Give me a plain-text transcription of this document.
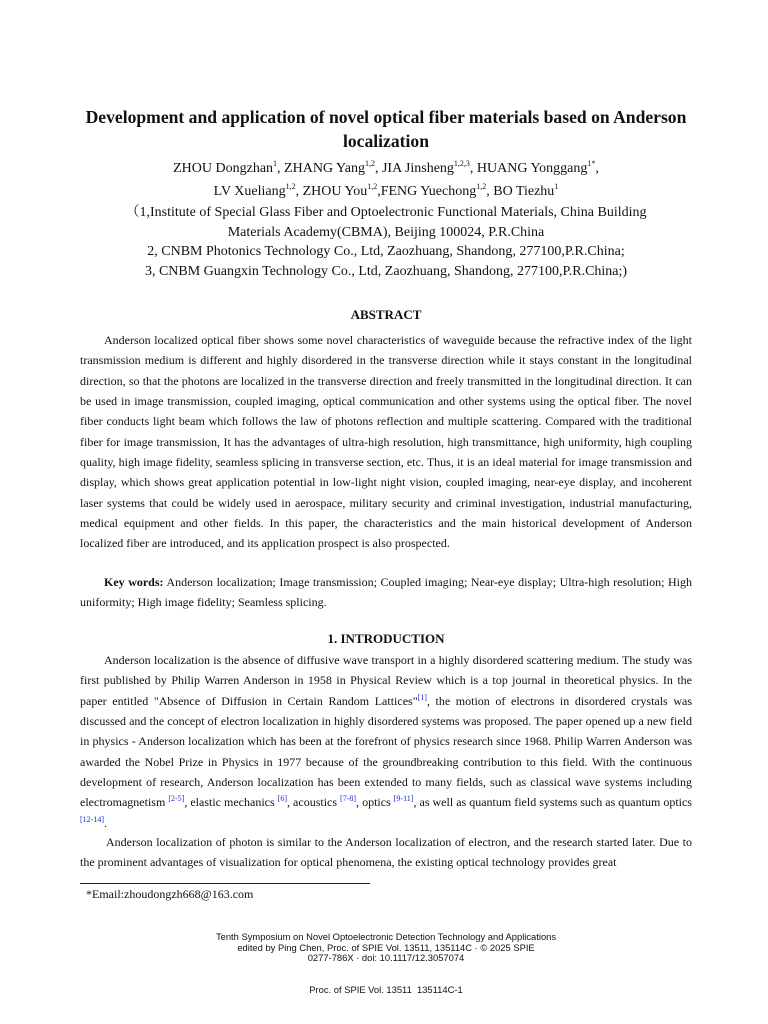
Development and application of novel optical fiber materials based on Anderson localization

ZHOU Dongzhan$^1$, ZHANG Yang$^{1,2}$, JIA Jinsheng$^{1,2,3}$, HUANG Yonggang$^{1*}$,
LV Xueliang$^{1,2}$, ZHOU You$^{1,2}$,FENG Yuechong$^{1,2}$, BO Tiezhu$^1$

（1,Institute of Special Glass Fiber and Optoelectronic Functional Materials, China Building
Materials Academy(CBMA), Beijing 100024, P.R.China
2, CNBM Photonics Technology Co., Ltd, Zaozhuang, Shandong, 277100,P.R.China;
3, CNBM Guangxin Technology Co., Ltd, Zaozhuang, Shandong, 277100,P.R.China;)

ABSTRACT

Anderson localized optical fiber shows some novel characteristics of waveguide because the refractive index of the light transmission medium is different and highly disordered in the transverse direction while it stays constant in the longitudinal direction, so that the photons are localized in the transverse direction and freely transmitted in the longitudinal direction. It can be used in image transmission, coupled imaging, optical communication and other systems using the optical fiber. The novel fiber conducts light beam which follows the law of photons reflection and multiple scattering. Compared with the traditional fiber for image transmission, It has the advantages of ultra-high resolution, high transmittance, high uniformity, high coupling quality, high image fidelity, seamless splicing in transverse section, etc. Thus, it is an ideal material for image transmission and display, which shows great application potential in low-light night vision, coupled imaging, near-eye display, and incoherent laser systems that could be widely used in aerospace, military security and criminal investigation, industrial manufacturing, medical equipment and other fields. In this paper, the characteristics and the main historical development of Anderson localized fiber are introduced, and its application prospect is also prospected.

Key words: Anderson localization; Image transmission; Coupled imaging; Near-eye display; Ultra-high resolution; High uniformity; High image fidelity; Seamless splicing.

1. INTRODUCTION

Anderson localization is the absence of diffusive wave transport in a highly disordered scattering medium. The study was first published by Philip Warren Anderson in 1958 in Physical Review which is a top journal in theoretical physics. In the paper entitled "Absence of Diffusion in Certain Random Lattices"[1], the motion of electrons in disordered crystals was discussed and the concept of electron localization in highly disordered systems was proposed. The paper opened up a new field in physics - Anderson localization which has been at the forefront of physics research since 1968. Philip Warren Anderson was awarded the Nobel Prize in Physics in 1977 because of the groundbreaking contribution to this field. With the continuous development of research, Anderson localization has been extended to many fields, such as classical wave systems including electromagnetism [2-5], elastic mechanics [6], acoustics [7-8], optics [9-11], as well as quantum field systems such as quantum optics [12-14].

Anderson localization of photon is similar to the Anderson localization of electron, and the research started later. Due to the prominent advantages of visualization for optical phenomena, the existing optical technology provides great

*Email:zhoudongzh668@163.com

Tenth Symposium on Novel Optoelectronic Detection Technology and Applications
edited by Ping Chen, Proc. of SPIE Vol. 13511, 135114C · © 2025 SPIE
0277-786X · doi: 10.1117/12.3057074
Proc. of SPIE Vol. 13511  135114C-1
